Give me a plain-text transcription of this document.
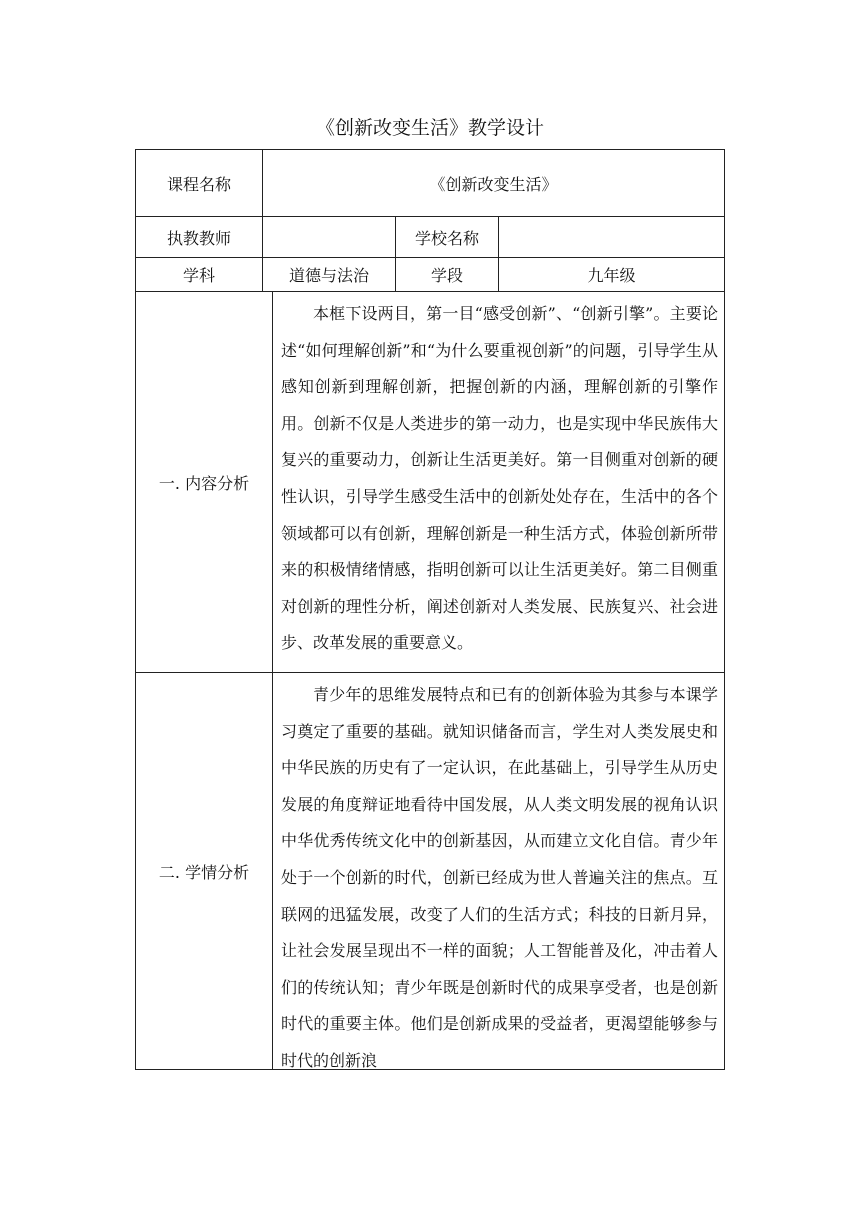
《创新改变生活》教学设计
课程名称	《创新改变生活》		
执教教师		学校名称	
学科	道德与法治	学段	九年级

一. 内容分析
本框下设两目，第一目“感受创新”、“创新引擎”。主要论述“如何理解创新”和“为什么要重视创新”的问题，引导学生从感知创新到理解创新，把握创新的内涵，理解创新的引擎作用。创新不仅是人类进步的第一动力，也是实现中华民族伟大复兴的重要动力，创新让生活更美好。第一目侧重对创新的硬性认识，引导学生感受生活中的创新处处存在，生活中的各个领域都可以有创新，理解创新是一种生活方式，体验创新所带来的积极情绪情感，指明创新可以让生活更美好。第二目侧重对创新的理性分析，阐述创新对人类发展、民族复兴、社会进步、改革发展的重要意义。			

二. 学情分析
青少年的思维发展特点和已有的创新体验为其参与本课学习奠定了重要的基础。就知识储备而言，学生对人类发展史和中华民族的历史有了一定认识，在此基础上，引导学生从历史发展的角度辩证地看待中国发展，从人类文明发展的视角认识中华优秀传统文化中的创新基因，从而建立文化自信。青少年处于一个创新的时代，创新已经成为世人普遍关注的焦点。互联网的迅猛发展，改变了人们的生活方式；科技的日新月异，让社会发展呈现出不一样的面貌；人工智能普及化，冲击着人们的传统认知；青少年既是创新时代的成果享受者，也是创新时代的重要主体。他们是创新成果的受益者，更渴望能够参与时代的创新浪			
